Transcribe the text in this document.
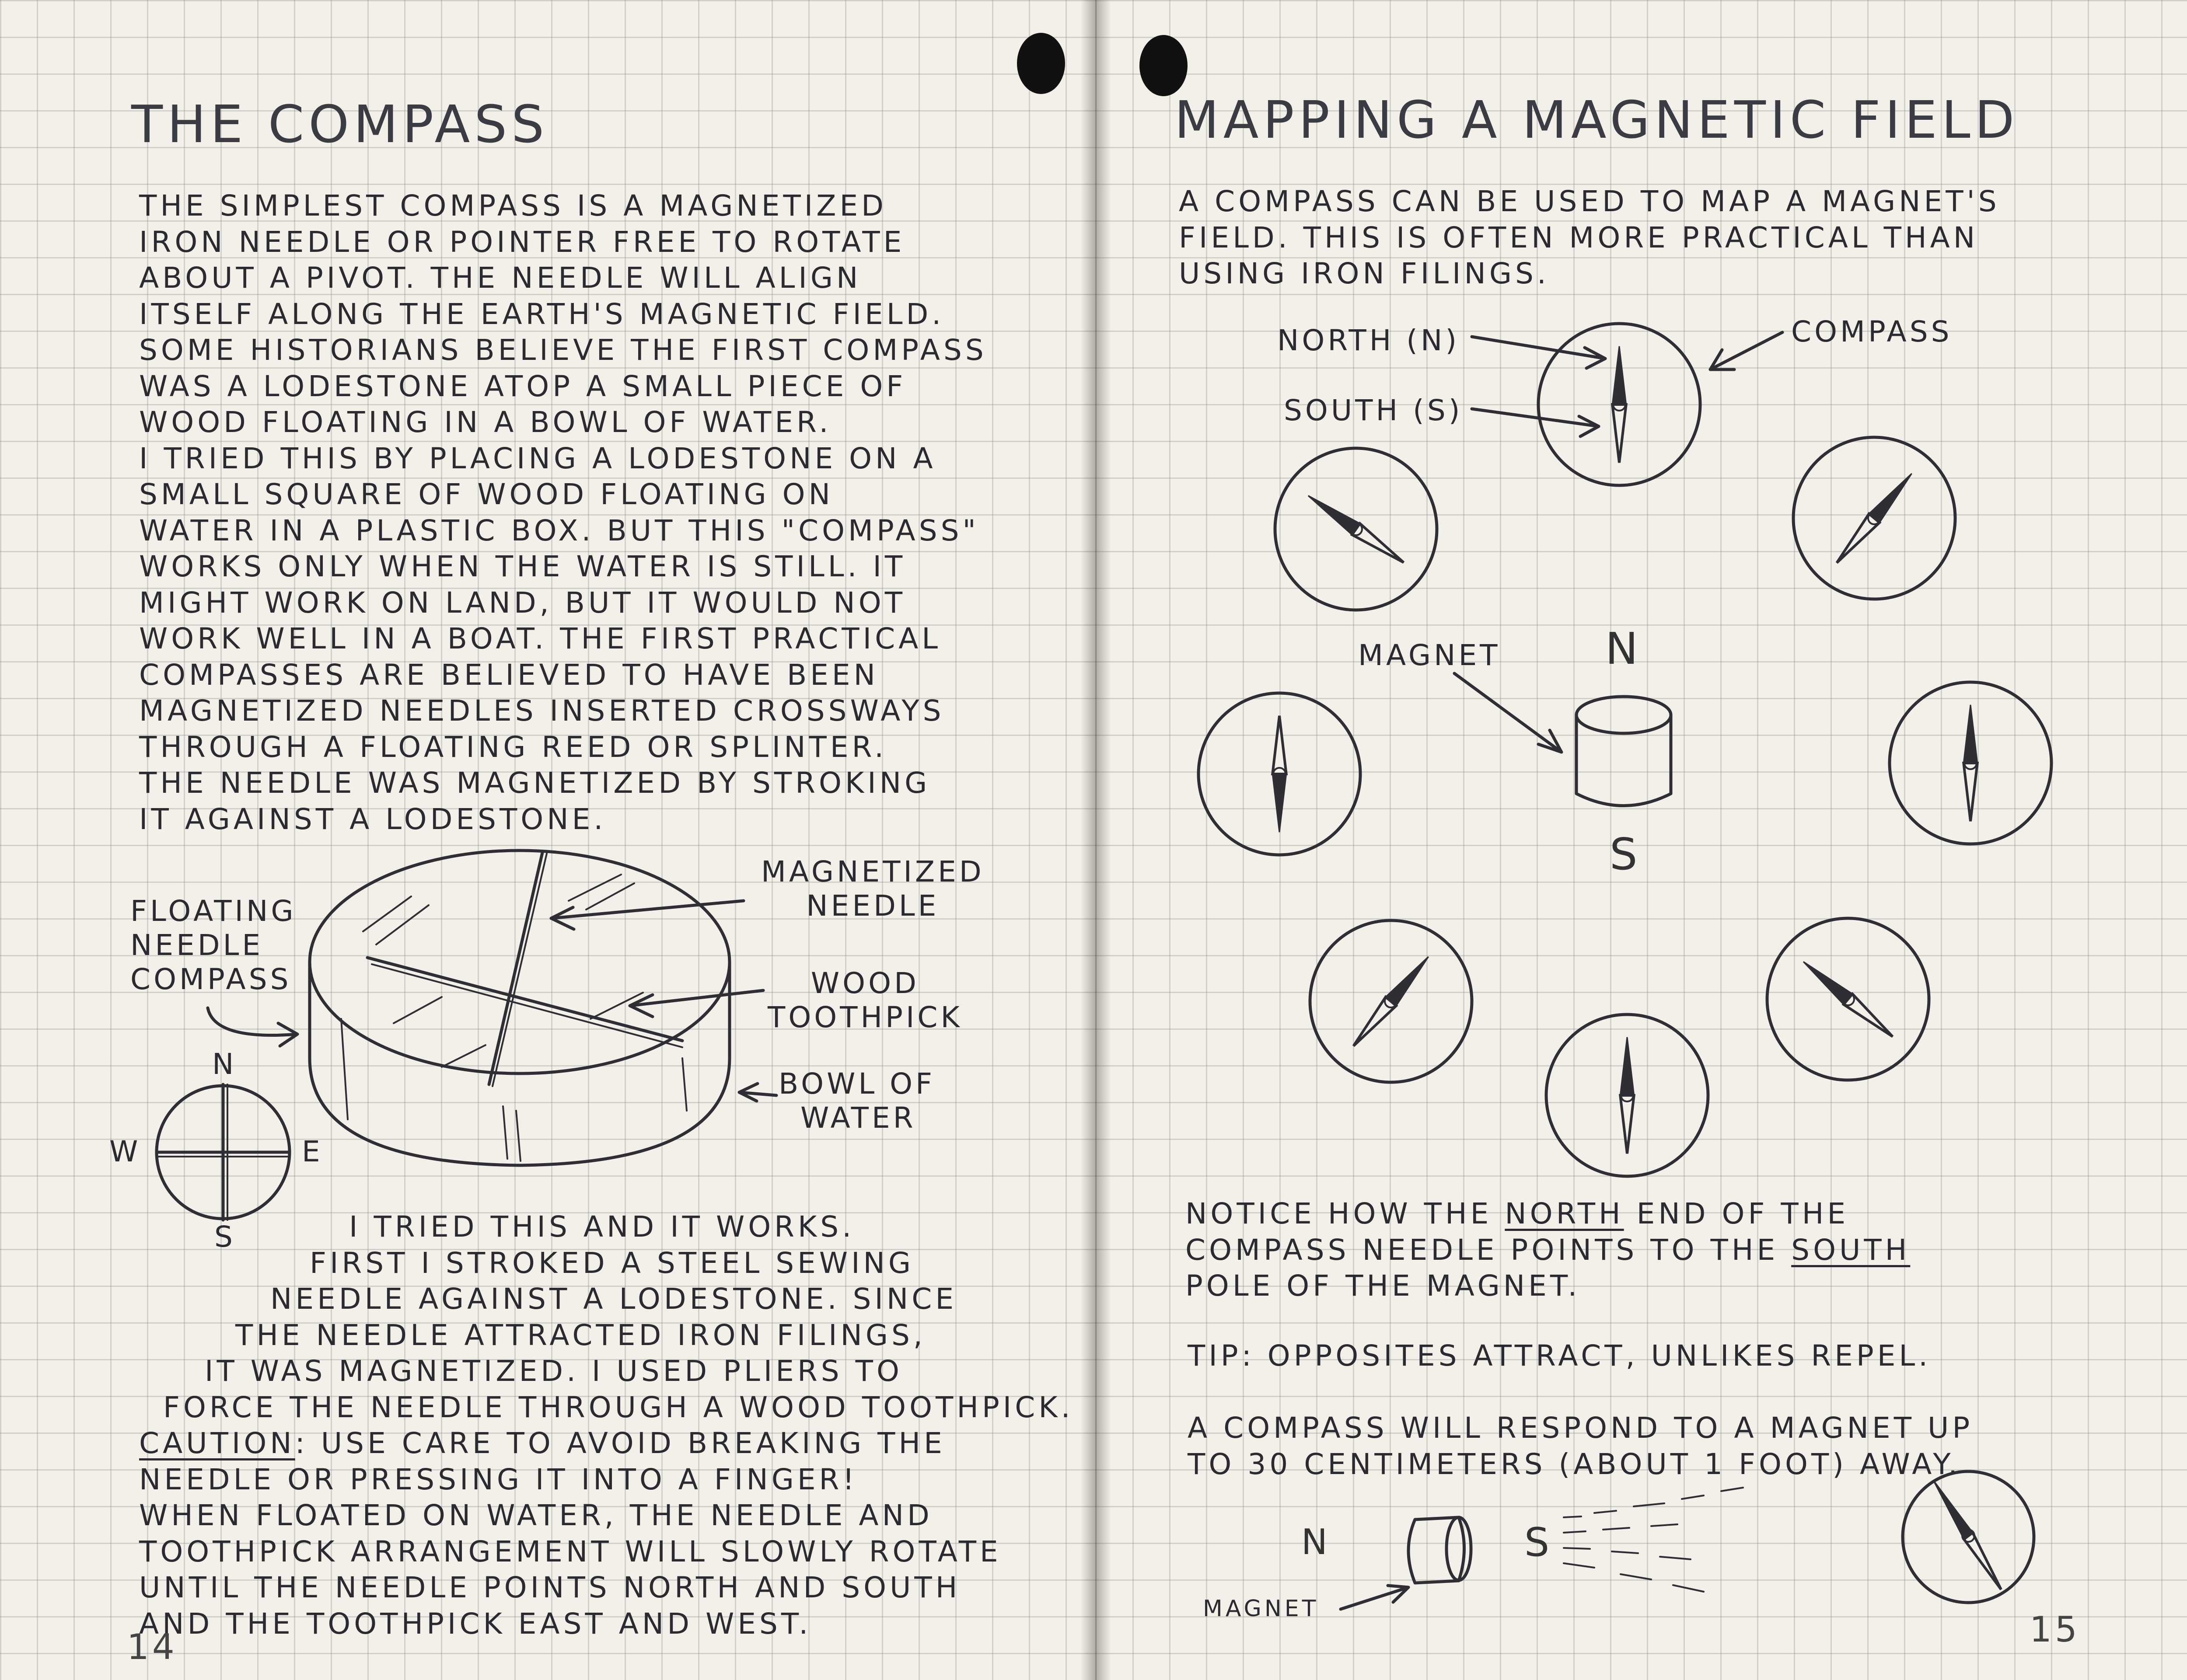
THE COMPASS
THE SIMPLEST COMPASS IS A MAGNETIZED
IRON NEEDLE OR POINTER FREE TO ROTATE
ABOUT A PIVOT. THE NEEDLE WILL ALIGN
ITSELF ALONG THE EARTH'S MAGNETIC FIELD.
SOME HISTORIANS BELIEVE THE FIRST COMPASS
WAS A LODESTONE ATOP A SMALL PIECE OF
WOOD FLOATING IN A BOWL OF WATER.
I TRIED THIS BY PLACING A LODESTONE ON A
SMALL SQUARE OF WOOD FLOATING ON
WATER IN A PLASTIC BOX. BUT THIS "COMPASS"
WORKS ONLY WHEN THE WATER IS STILL. IT
MIGHT WORK ON LAND, BUT IT WOULD NOT
WORK WELL IN A BOAT. THE FIRST PRACTICAL
COMPASSES ARE BELIEVED TO HAVE BEEN
MAGNETIZED NEEDLES INSERTED CROSSWAYS
THROUGH A FLOATING REED OR SPLINTER.
THE NEEDLE WAS MAGNETIZED BY STROKING
IT AGAINST A LODESTONE.
FLOATING
NEEDLE
COMPASS
MAGNETIZED
NEEDLE
WOOD
TOOTHPICK
BOWL OF
WATER
N
S
E
W
I TRIED THIS AND IT WORKS.
FIRST I STROKED A STEEL SEWING
NEEDLE AGAINST A LODESTONE. SINCE
THE NEEDLE ATTRACTED IRON FILINGS,
IT WAS MAGNETIZED. I USED PLIERS TO
FORCE THE NEEDLE THROUGH A WOOD TOOTHPICK.
CAUTION: USE CARE TO AVOID BREAKING THE
NEEDLE OR PRESSING IT INTO A FINGER!
WHEN FLOATED ON WATER, THE NEEDLE AND
TOOTHPICK ARRANGEMENT WILL SLOWLY ROTATE
UNTIL THE NEEDLE POINTS NORTH AND SOUTH
AND THE TOOTHPICK EAST AND WEST.
14
MAPPING A MAGNETIC FIELD
A COMPASS CAN BE USED TO MAP A MAGNET'S
FIELD. THIS IS OFTEN MORE PRACTICAL THAN
USING IRON FILINGS.
NORTH (N)
SOUTH (S)
COMPASS
MAGNET N
S
NOTICE HOW THE NORTH END OF THE
COMPASS NEEDLE POINTS TO THE SOUTH
POLE OF THE MAGNET.
TIP: OPPOSITES ATTRACT, UNLIKES REPEL.
A COMPASS WILL RESPOND TO A MAGNET UP
TO 30 CENTIMETERS (ABOUT 1 FOOT) AWAY.
N	S
MAGNET
15
